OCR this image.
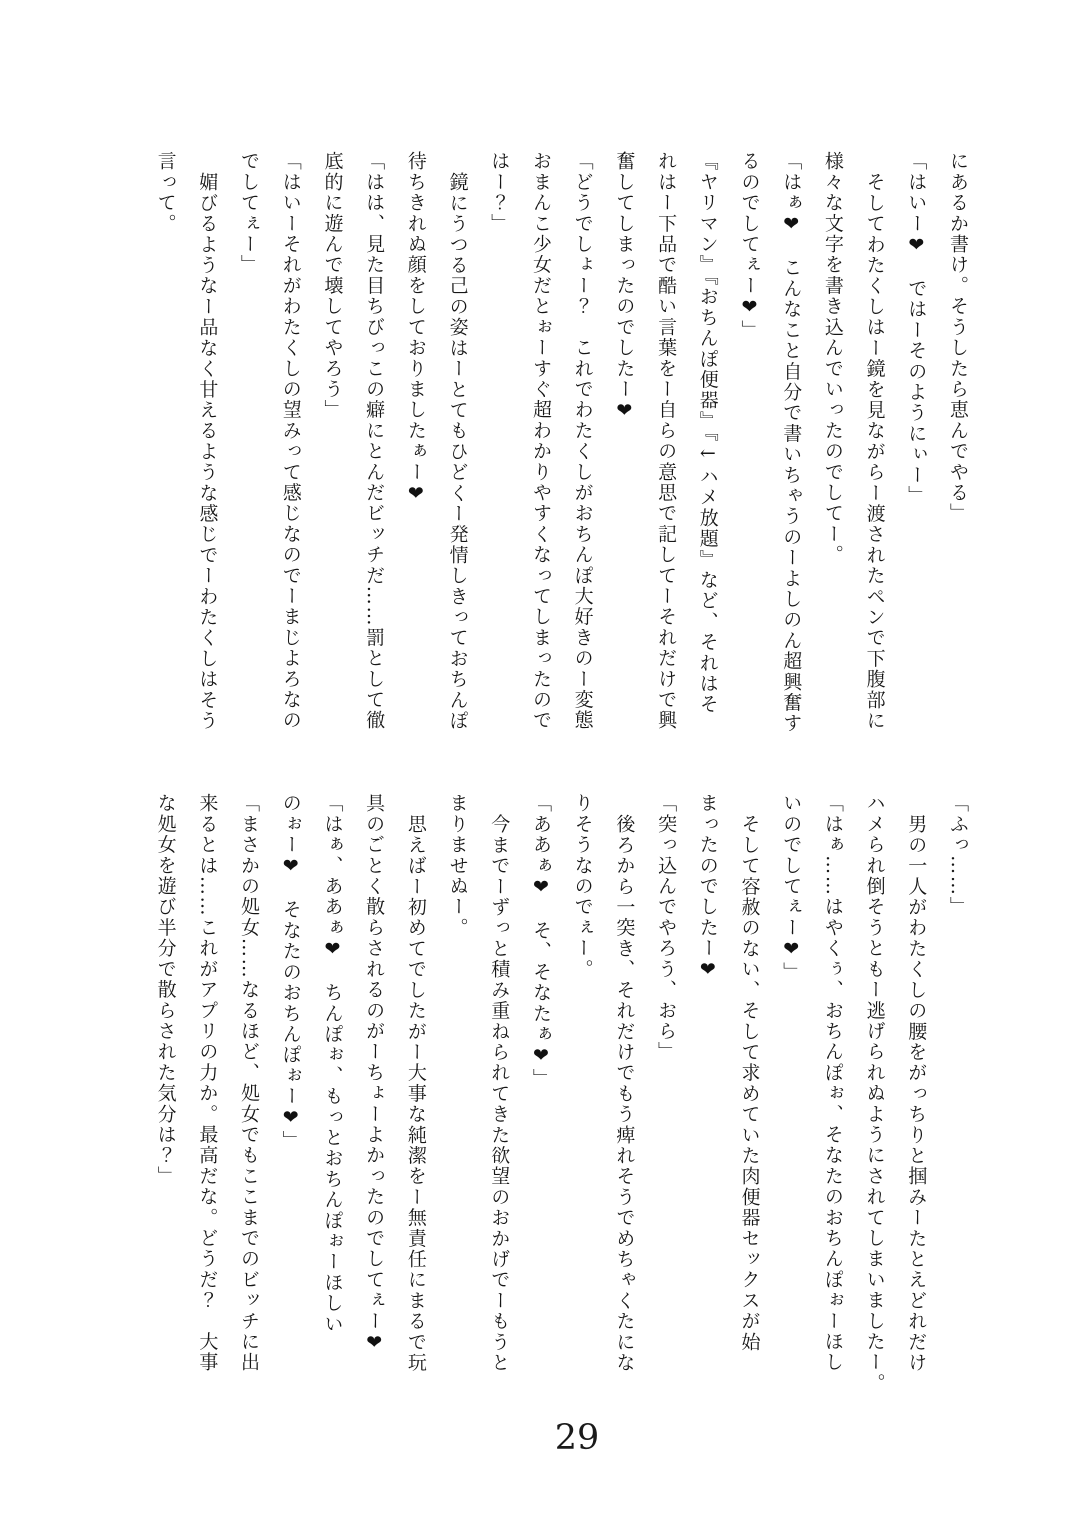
にあるか書け。そうしたら恵んでやる」
「はいー❤　ではーそのようにぃー」
そしてわたくしはー鏡を見ながらー渡されたペンで下腹部に
様々な文字を書き込んでいったのでしてー。
「はぁ❤　こんなこと自分で書いちゃうのーよしのん超興奮す
るのでしてぇー❤」
『ヤリマン』『おちんぽ便器』『←ハメ放題』など、それはそ
れはー下品で酷い言葉をー自らの意思で記してーそれだけで興
奮してしまったのでしたー❤
「どうでしょー？　これでわたくしがおちんぽ大好きのー変態
おまんこ少女だとぉーすぐ超わかりやすくなってしまったので
はー？」
鏡にうつる己の姿はーとてもひどくー発情しきっておちんぽ
待ちきれぬ顔をしておりましたぁー❤
「はは、見た目ちびっこの癖にとんだビッチだ……罰として徹
底的に遊んで壊してやろう」
「はいーそれがわたくしの望みって感じなのでーまじよろなの
でしてぇー」
媚びるようなー品なく甘えるような感じでーわたくしはそう
言って。
「ふっ……」
男の一人がわたくしの腰をがっちりと掴みーたとえどれだけ
ハメられ倒そうともー逃げられぬようにされてしまいましたー。
「はぁ……はやくぅ、おちんぽぉ、そなたのおちんぽぉーほし
いのでしてぇー❤」
そして容赦のない、そして求めていた肉便器セックスが始
まったのでしたー❤
「突っ込んでやろう、おら」
後ろから一突き、それだけでもう痺れそうでめちゃくたにな
りそうなのでぇー。
「ああぁ❤　そ、そなたぁ❤」
今までーずっと積み重ねられてきた欲望のおかげでーもうと
まりませぬー。
思えばー初めてでしたがー大事な純潔をー無責任にまるで玩
具のごとく散らされるのがーちょーよかったのでしてぇー❤
「はぁ、ああぁ❤　ちんぽぉ、もっとおちんぽぉーほしい
のぉー❤　そなたのおちんぽぉー❤」
「まさかの処女……なるほど、処女でもここまでのビッチに出
来るとは……これがアプリの力か。最高だな。どうだ？　大事
な処女を遊び半分で散らされた気分は？」
29
